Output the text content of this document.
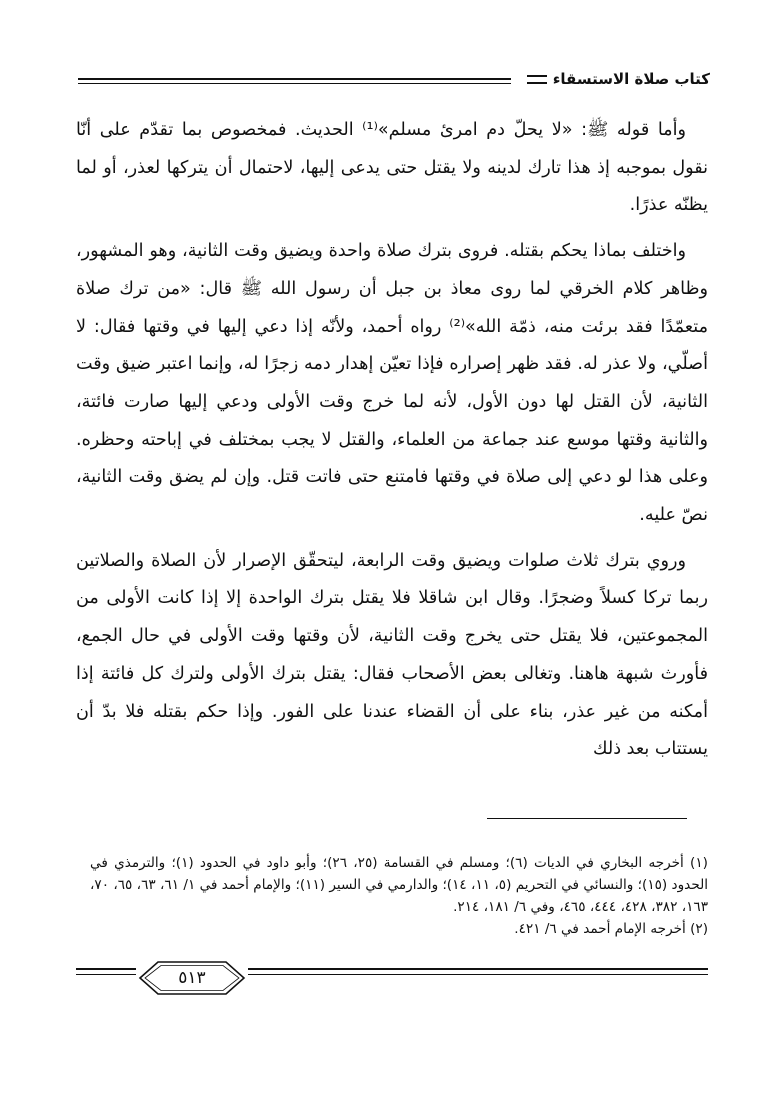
كتاب صلاة الاستسقاء

وأما قوله ﷺ: «لا يحلّ دم امرئ مسلم»⁽¹⁾ الحديث. فمخصوص بما تقدّم على أنّا نقول بموجبه إذ هذا تارك لدينه ولا يقتل حتى يدعى إليها، لاحتمال أن يتركها لعذر، أو لما يظنّه عذرًا.

واختلف بماذا يحكم بقتله. فروى بترك صلاة واحدة ويضيق وقت الثانية، وهو المشهور، وظاهر كلام الخرقي لما روى معاذ بن جبل أن رسول الله ﷺ قال: «من ترك صلاة متعمّدًا فقد برئت منه، ذمّة الله»⁽²⁾ رواه أحمد، ولأنّه إذا دعي إليها في وقتها فقال: لا أصلّي، ولا عذر له. فقد ظهر إصراره فإذا تعيّن إهدار دمه زجرًا له، وإنما اعتبر ضيق وقت الثانية، لأن القتل لها دون الأول، لأنه لما خرج وقت الأولى ودعي إليها صارت فائتة، والثانية وقتها موسع عند جماعة من العلماء، والقتل لا يجب بمختلف في إباحته وحظره. وعلى هذا لو دعي إلى صلاة في وقتها فامتنع حتى فاتت قتل. وإن لم يضق وقت الثانية، نصّ عليه.

وروي بترك ثلاث صلوات ويضيق وقت الرابعة، ليتحقّق الإصرار لأن الصلاة والصلاتين ربما تركا كسلاً وضجرًا. وقال ابن شاقلا فلا يقتل بترك الواحدة إلا إذا كانت الأولى من المجموعتين، فلا يقتل حتى يخرج وقت الثانية، لأن وقتها وقت الأولى في حال الجمع، فأورث شبهة هاهنا. وتغالى بعض الأصحاب فقال: يقتل بترك الأولى ولترك كل فائتة إذا أمكنه من غير عذر، بناء على أن القضاء عندنا على الفور. وإذا حكم بقتله فلا بدّ أن يستتاب بعد ذلك

(١) أخرجه البخاري في الديات (٦)؛ ومسلم في القسامة (٢٥، ٢٦)؛ وأبو داود في الحدود (١)؛ والترمذي في الحدود (١٥)؛ والنسائي في التحريم (٥، ١١، ١٤)؛ والدارمي في السير (١١)؛ والإمام أحمد في ١/ ٦١، ٦٣، ٦٥، ٧٠، ١٦٣، ٣٨٢، ٤٢٨، ٤٤٤، ٤٦٥، وفي ٦/ ١٨١، ٢١٤.

(٢) أخرجه الإمام أحمد في ٦/ ٤٢١.

٥١٣
